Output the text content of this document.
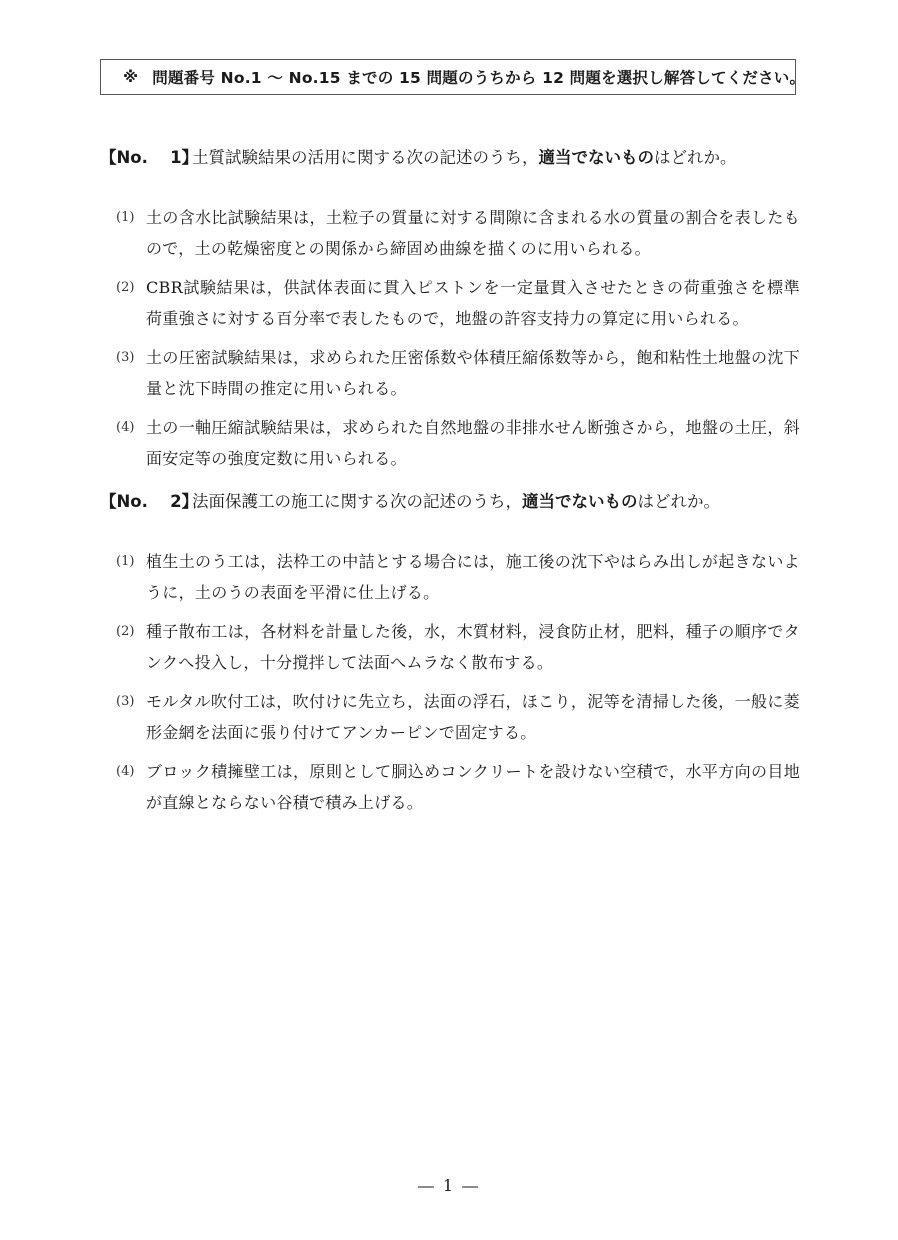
※ 問題番号 No.1 ～ No.15 までの 15 問題のうちから 12 問題を選択し解答してください。
【No.　 1】土質試験結果の活用に関する次の記述のうち，適当でないものはどれか。
(1) 土の含水比試験結果は，土粒子の質量に対する間隙に含まれる水の質量の割合を表したもので，土の乾燥密度との関係から締固め曲線を描くのに用いられる。
(2) CBR試験結果は，供試体表面に貫入ピストンを一定量貫入させたときの荷重強さを標準荷重強さに対する百分率で表したもので，地盤の許容支持力の算定に用いられる。
(3) 土の圧密試験結果は，求められた圧密係数や体積圧縮係数等から，飽和粘性土地盤の沈下量と沈下時間の推定に用いられる。
(4) 土の一軸圧縮試験結果は，求められた自然地盤の非排水せん断強さから，地盤の土圧，斜面安定等の強度定数に用いられる。
【No.　 2】法面保護工の施工に関する次の記述のうち，適当でないものはどれか。
(1) 植生土のう工は，法枠工の中詰とする場合には，施工後の沈下やはらみ出しが起きないように，土のうの表面を平滑に仕上げる。
(2) 種子散布工は，各材料を計量した後，水，木質材料，浸食防止材，肥料，種子の順序でタンクへ投入し，十分撹拌して法面へムラなく散布する。
(3) モルタル吹付工は，吹付けに先立ち，法面の浮石，ほこり，泥等を清掃した後，一般に菱形金網を法面に張り付けてアンカーピンで固定する。
(4) ブロック積擁壁工は，原則として胴込めコンクリートを設けない空積で，水平方向の目地が直線とならない谷積で積み上げる。
― 1 ―
